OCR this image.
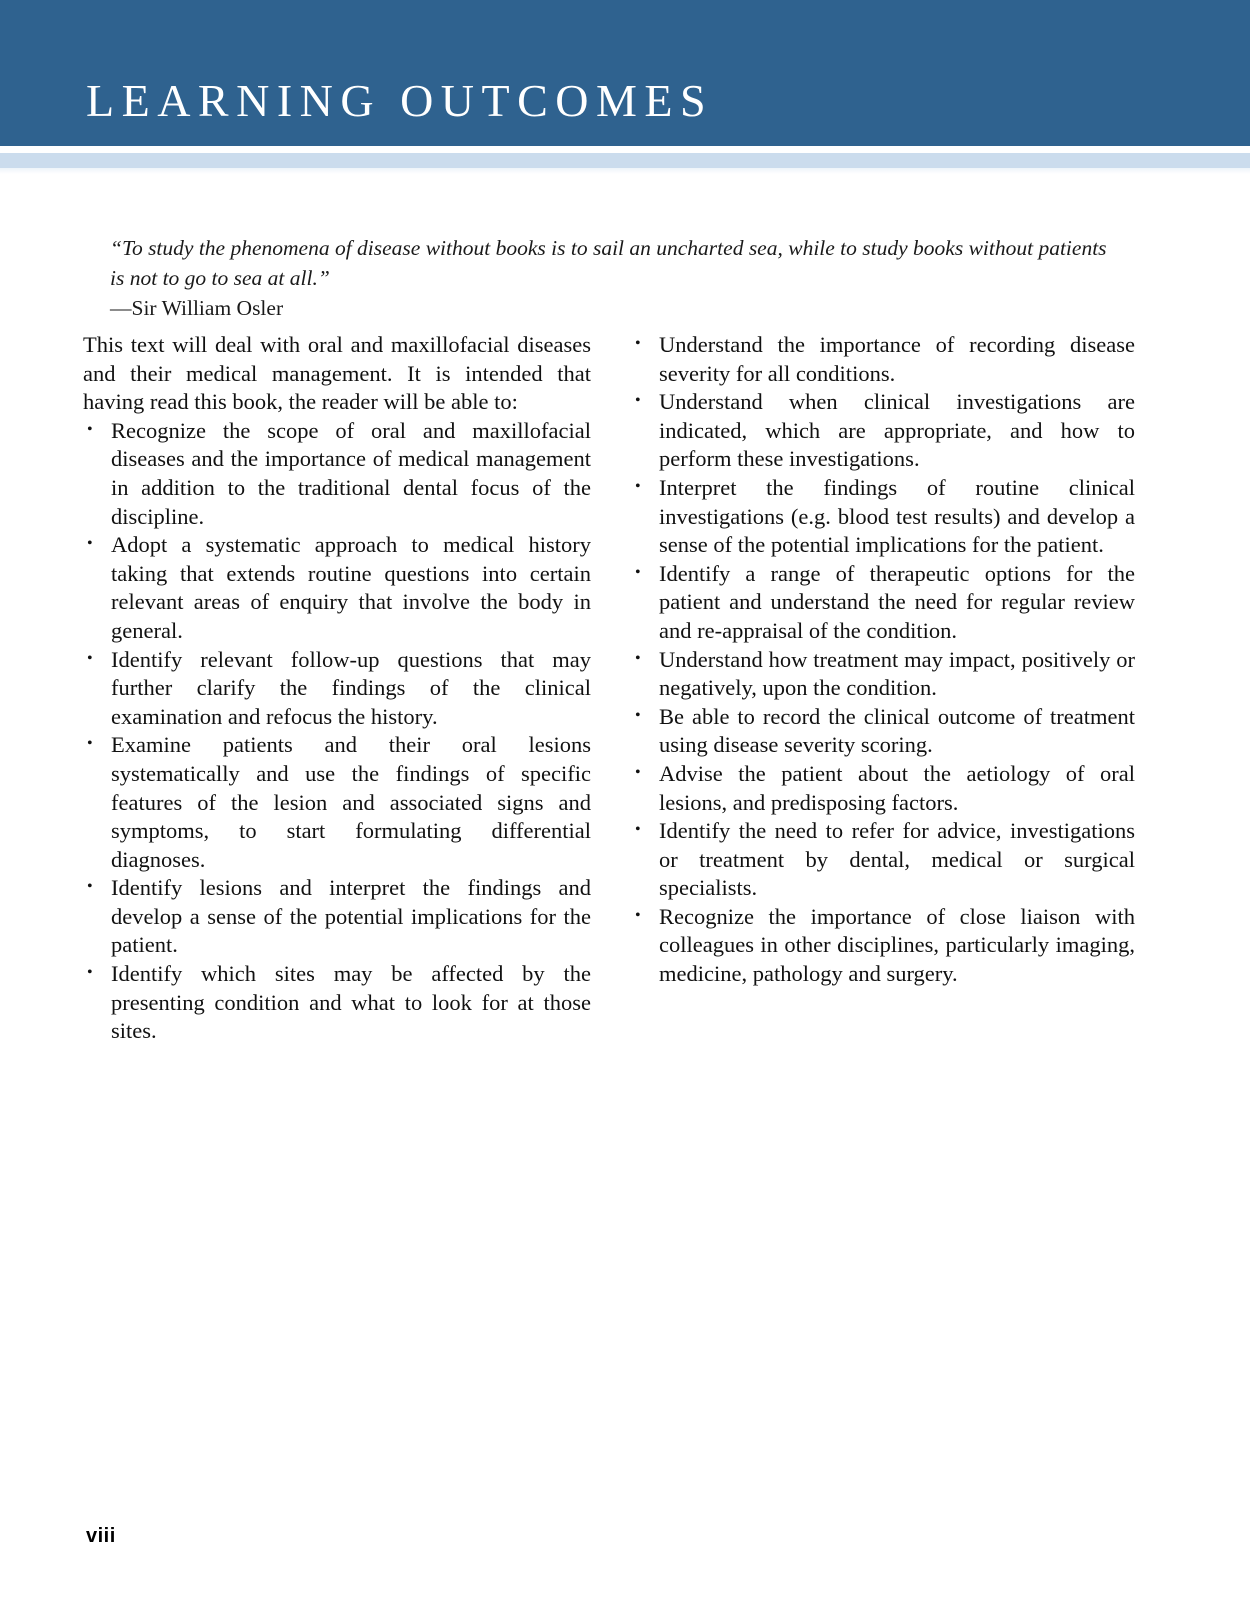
LEARNING OUTCOMES

“To study the phenomena of disease without books is to sail an uncharted sea, while to study books without patients is not to go to sea at all.”

—Sir William Osler

This text will deal with oral and maxillofacial diseases and their medical management. It is intended that having read this book, the reader will be able to:

• Recognize the scope of oral and maxillofacial diseases and the importance of medical management in addition to the traditional dental focus of the discipline.
• Adopt a systematic approach to medical history taking that extends routine questions into certain relevant areas of enquiry that involve the body in general.
• Identify relevant follow-up questions that may further clarify the findings of the clinical examination and refocus the history.
• Examine patients and their oral lesions systematically and use the findings of specific features of the lesion and associated signs and symptoms, to start formulating differential diagnoses.
• Identify lesions and interpret the findings and develop a sense of the potential implications for the patient.
• Identify which sites may be affected by the presenting condition and what to look for at those sites.
• Understand the importance of recording disease severity for all conditions.
• Understand when clinical investigations are indicated, which are appropriate, and how to perform these investigations.
• Interpret the findings of routine clinical investigations (e.g. blood test results) and develop a sense of the potential implications for the patient.
• Identify a range of therapeutic options for the patient and understand the need for regular review and re-appraisal of the condition.
• Understand how treatment may impact, positively or negatively, upon the condition.
• Be able to record the clinical outcome of treatment using disease severity scoring.
• Advise the patient about the aetiology of oral lesions, and predisposing factors.
• Identify the need to refer for advice, investigations or treatment by dental, medical or surgical specialists.
• Recognize the importance of close liaison with colleagues in other disciplines, particularly imaging, medicine, pathology and surgery.
viii
